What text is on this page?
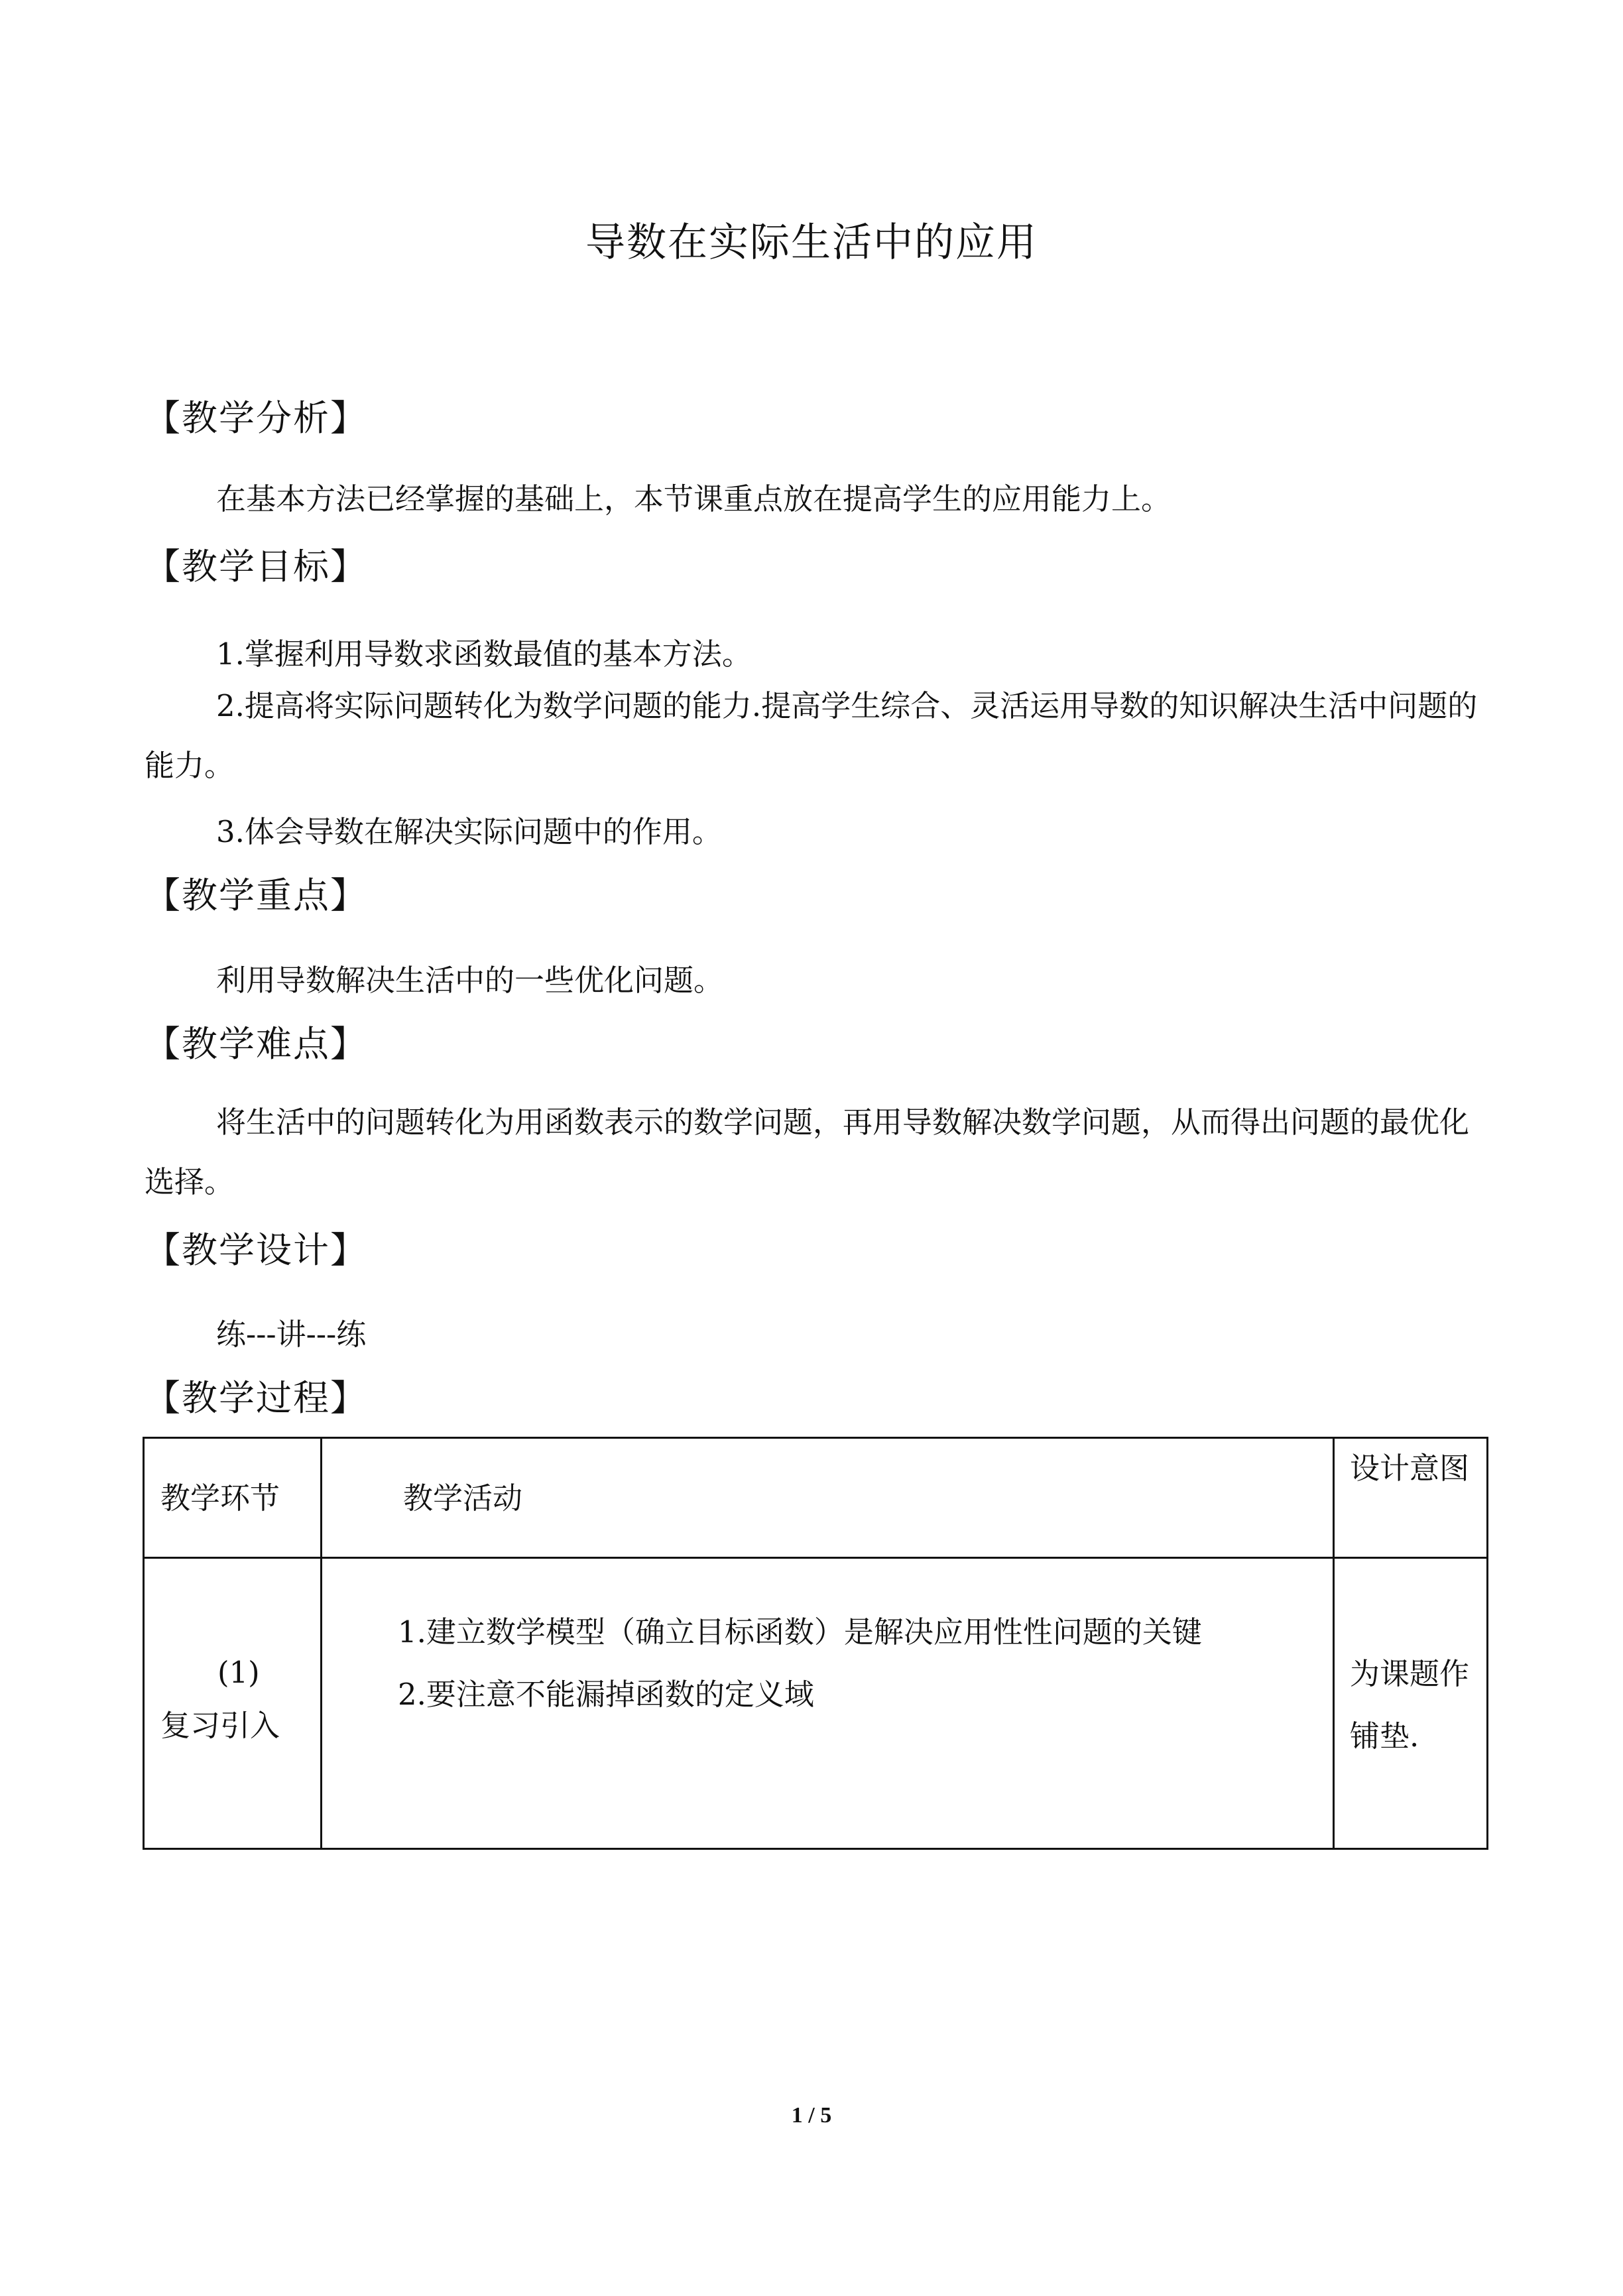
导数在实际生活中的应用
【教学分析】
在基本方法已经掌握的基础上，本节课重点放在提高学生的应用能力上。
【教学目标】
1.掌握利用导数求函数最值的基本方法。
2.提高将实际问题转化为数学问题的能力.提高学生综合、灵活运用导数的知识解决生活中问题的能力。
3.体会导数在解决实际问题中的作用。
【教学重点】
利用导数解决生活中的一些优化问题。
【教学难点】
将生活中的问题转化为用函数表示的数学问题，再用导数解决数学问题，从而得出问题的最优化选择。
【教学设计】
练---讲---练
【教学过程】
教学环节	教学活动
设计意图
(1)
复习引入
1.建立数学模型（确立目标函数）是解决应用性性问题的关键
2.要注意不能漏掉函数的定义域
为课题作铺垫.
1 / 5
